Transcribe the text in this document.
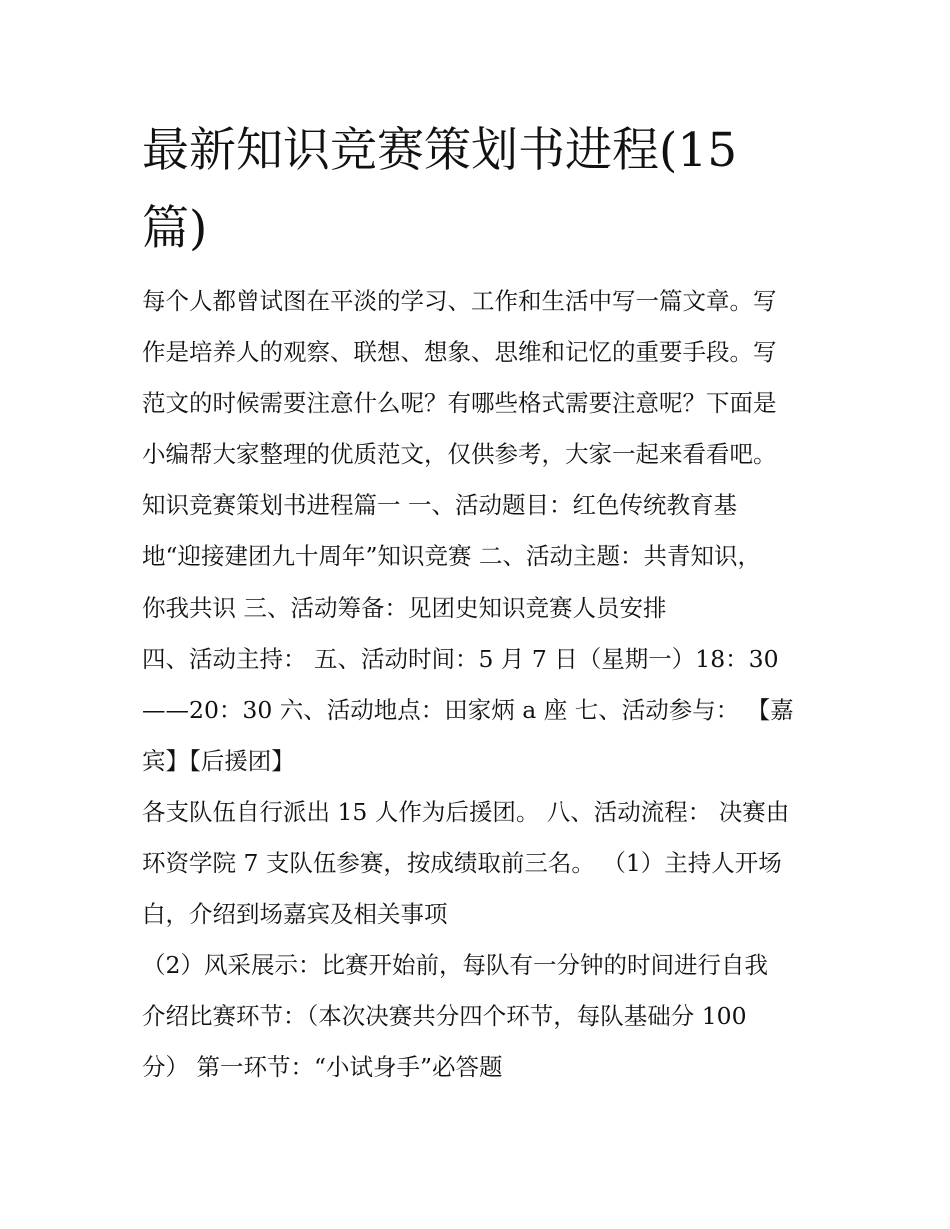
最新知识竞赛策划书进程(15
篇)
每个人都曾试图在平淡的学习、工作和生活中写一篇文章。写
作是培养人的观察、联想、想象、思维和记忆的重要手段。写
范文的时候需要注意什么呢？有哪些格式需要注意呢？下面是
小编帮大家整理的优质范文，仅供参考，大家一起来看看吧。
知识竞赛策划书进程篇一 一、活动题目：红色传统教育基
地“迎接建团九十周年”知识竞赛 二、活动主题：共青知识，
你我共识 三、活动筹备：见团史知识竞赛人员安排
四、活动主持： 五、活动时间：5 月 7 日（星期一）18：30
——20：30 六、活动地点：田家炳 a 座 七、活动参与： 【嘉
宾】【后援团】
各支队伍自行派出 15 人作为后援团。 八、活动流程： 决赛由
环资学院 7 支队伍参赛，按成绩取前三名。 （1）主持人开场
白，介绍到场嘉宾及相关事项
（2）风采展示：比赛开始前，每队有一分钟的时间进行自我
介绍比赛环节：（本次决赛共分四个环节，每队基础分 100
分） 第一环节：“小试身手”必答题
